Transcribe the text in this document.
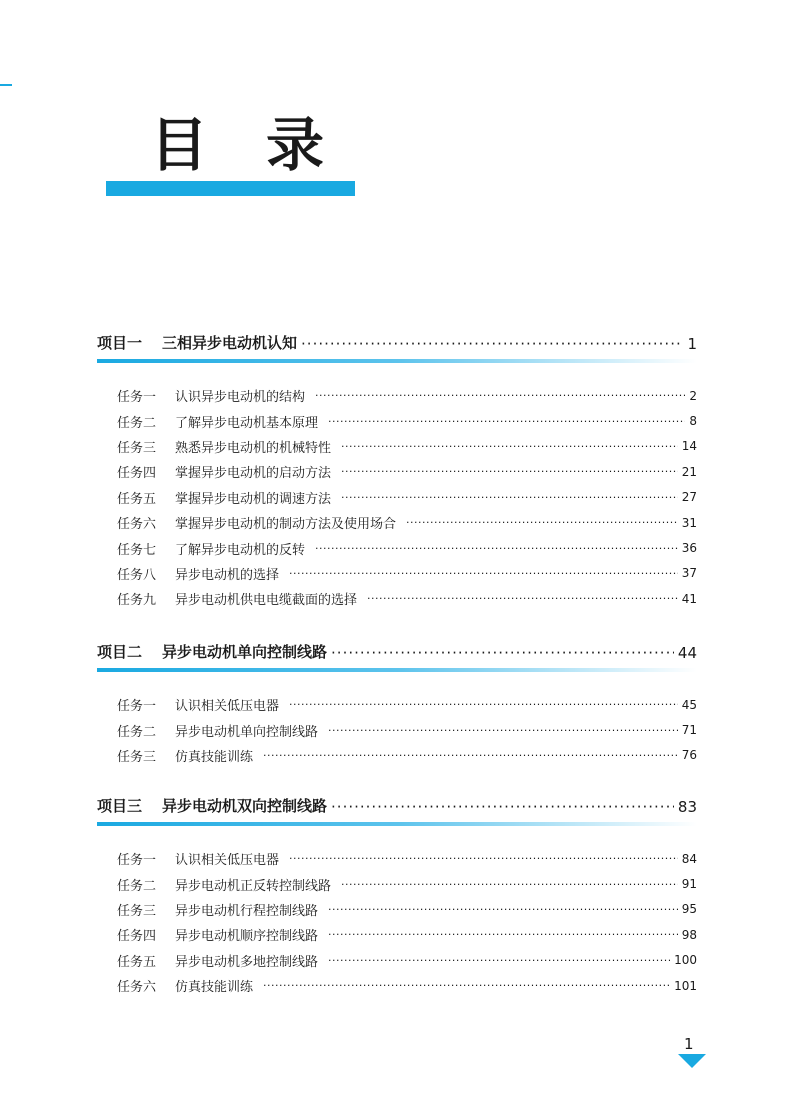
目录
项目一 三相异步电动机认知 ·····	1
任务一	认识异步电动机的结构 ·····	2
任务二	了解异步电动机基本原理 ·····	8
任务三	熟悉异步电动机的机械特性 ·····	14
任务四	掌握异步电动机的启动方法 ·····	21
任务五	掌握异步电动机的调速方法 ·····	27
任务六	掌握异步电动机的制动方法及使用场合 ·····	31
任务七	了解异步电动机的反转 ·····	36
任务八	异步电动机的选择 ·····	37
任务九	异步电动机供电电缆截面的选择 ·····	41
项目二 异步电动机单向控制线路 ·····	44
任务一	认识相关低压电器 ·····	45
任务二	异步电动机单向控制线路 ·····	71
任务三	仿真技能训练 ·····	76
项目三 异步电动机双向控制线路 ·····	83
任务一	认识相关低压电器 ·····	84
任务二	异步电动机正反转控制线路 ·····	91
任务三	异步电动机行程控制线路 ·····	95
任务四	异步电动机顺序控制线路 ·····	98
任务五	异步电动机多地控制线路 ·····	100
任务六	仿真技能训练 ·····	101
1
